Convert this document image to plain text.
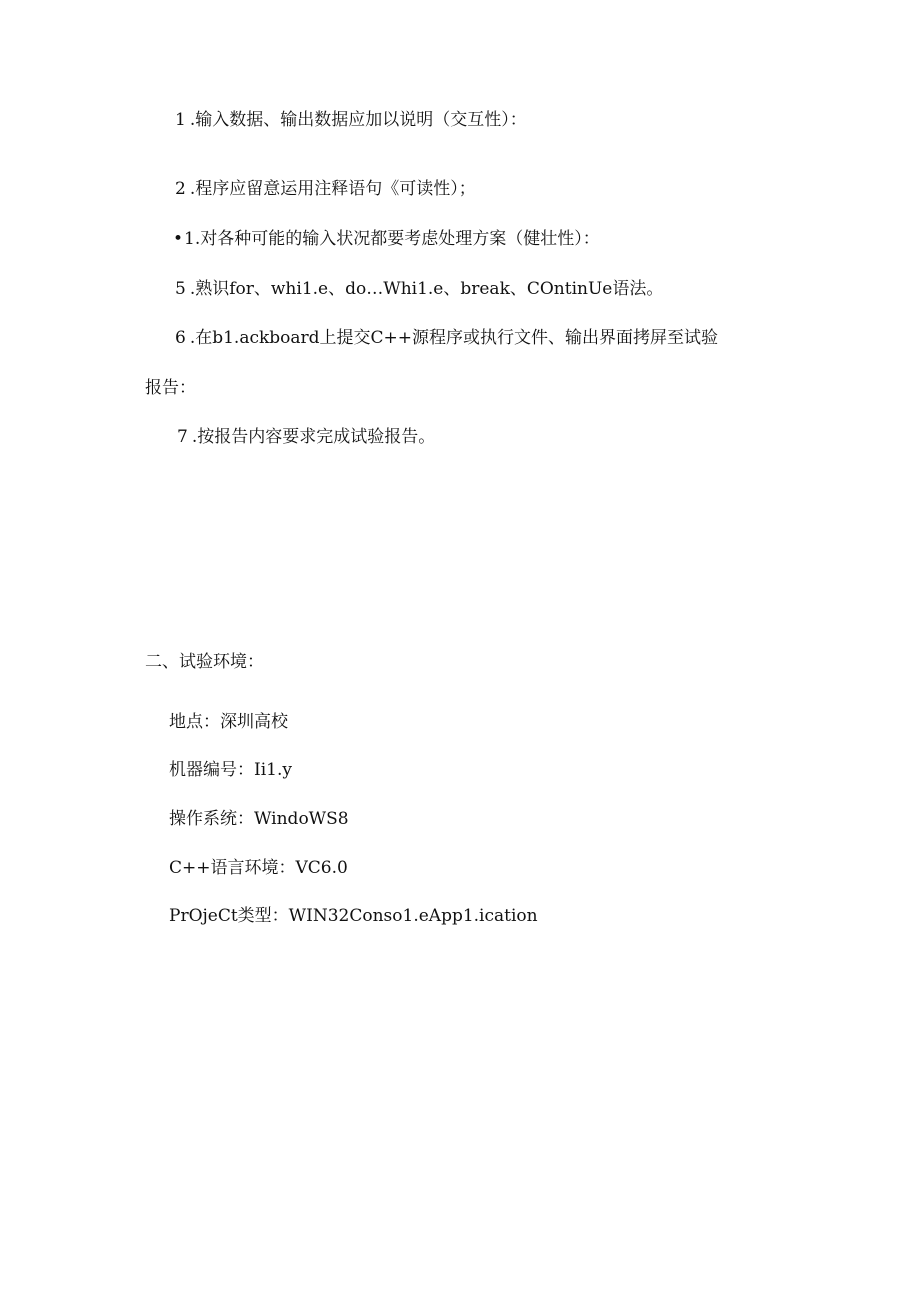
1 .输入数据、输出数据应加以说明（交互性）：
2 .程序应留意运用注释语句《可读性）；
•1.对各种可能的输入状况都要考虑处理方案（健壮性）：
5 .熟识for、whi1.e、do…Whi1.e、break、COntinUe语法。
6 .在b1.ackboard上提交C++源程序或执行文件、输出界面拷屏至试验
报告：
7 .按报告内容要求完成试验报告。
二、试验环境：
地点：深圳高校
机器编号：Ii1.y
操作系统：WindoWS8
C++语言环境：VC6.0
PrOjeCt类型：WIN32Conso1.eApp1.ication
